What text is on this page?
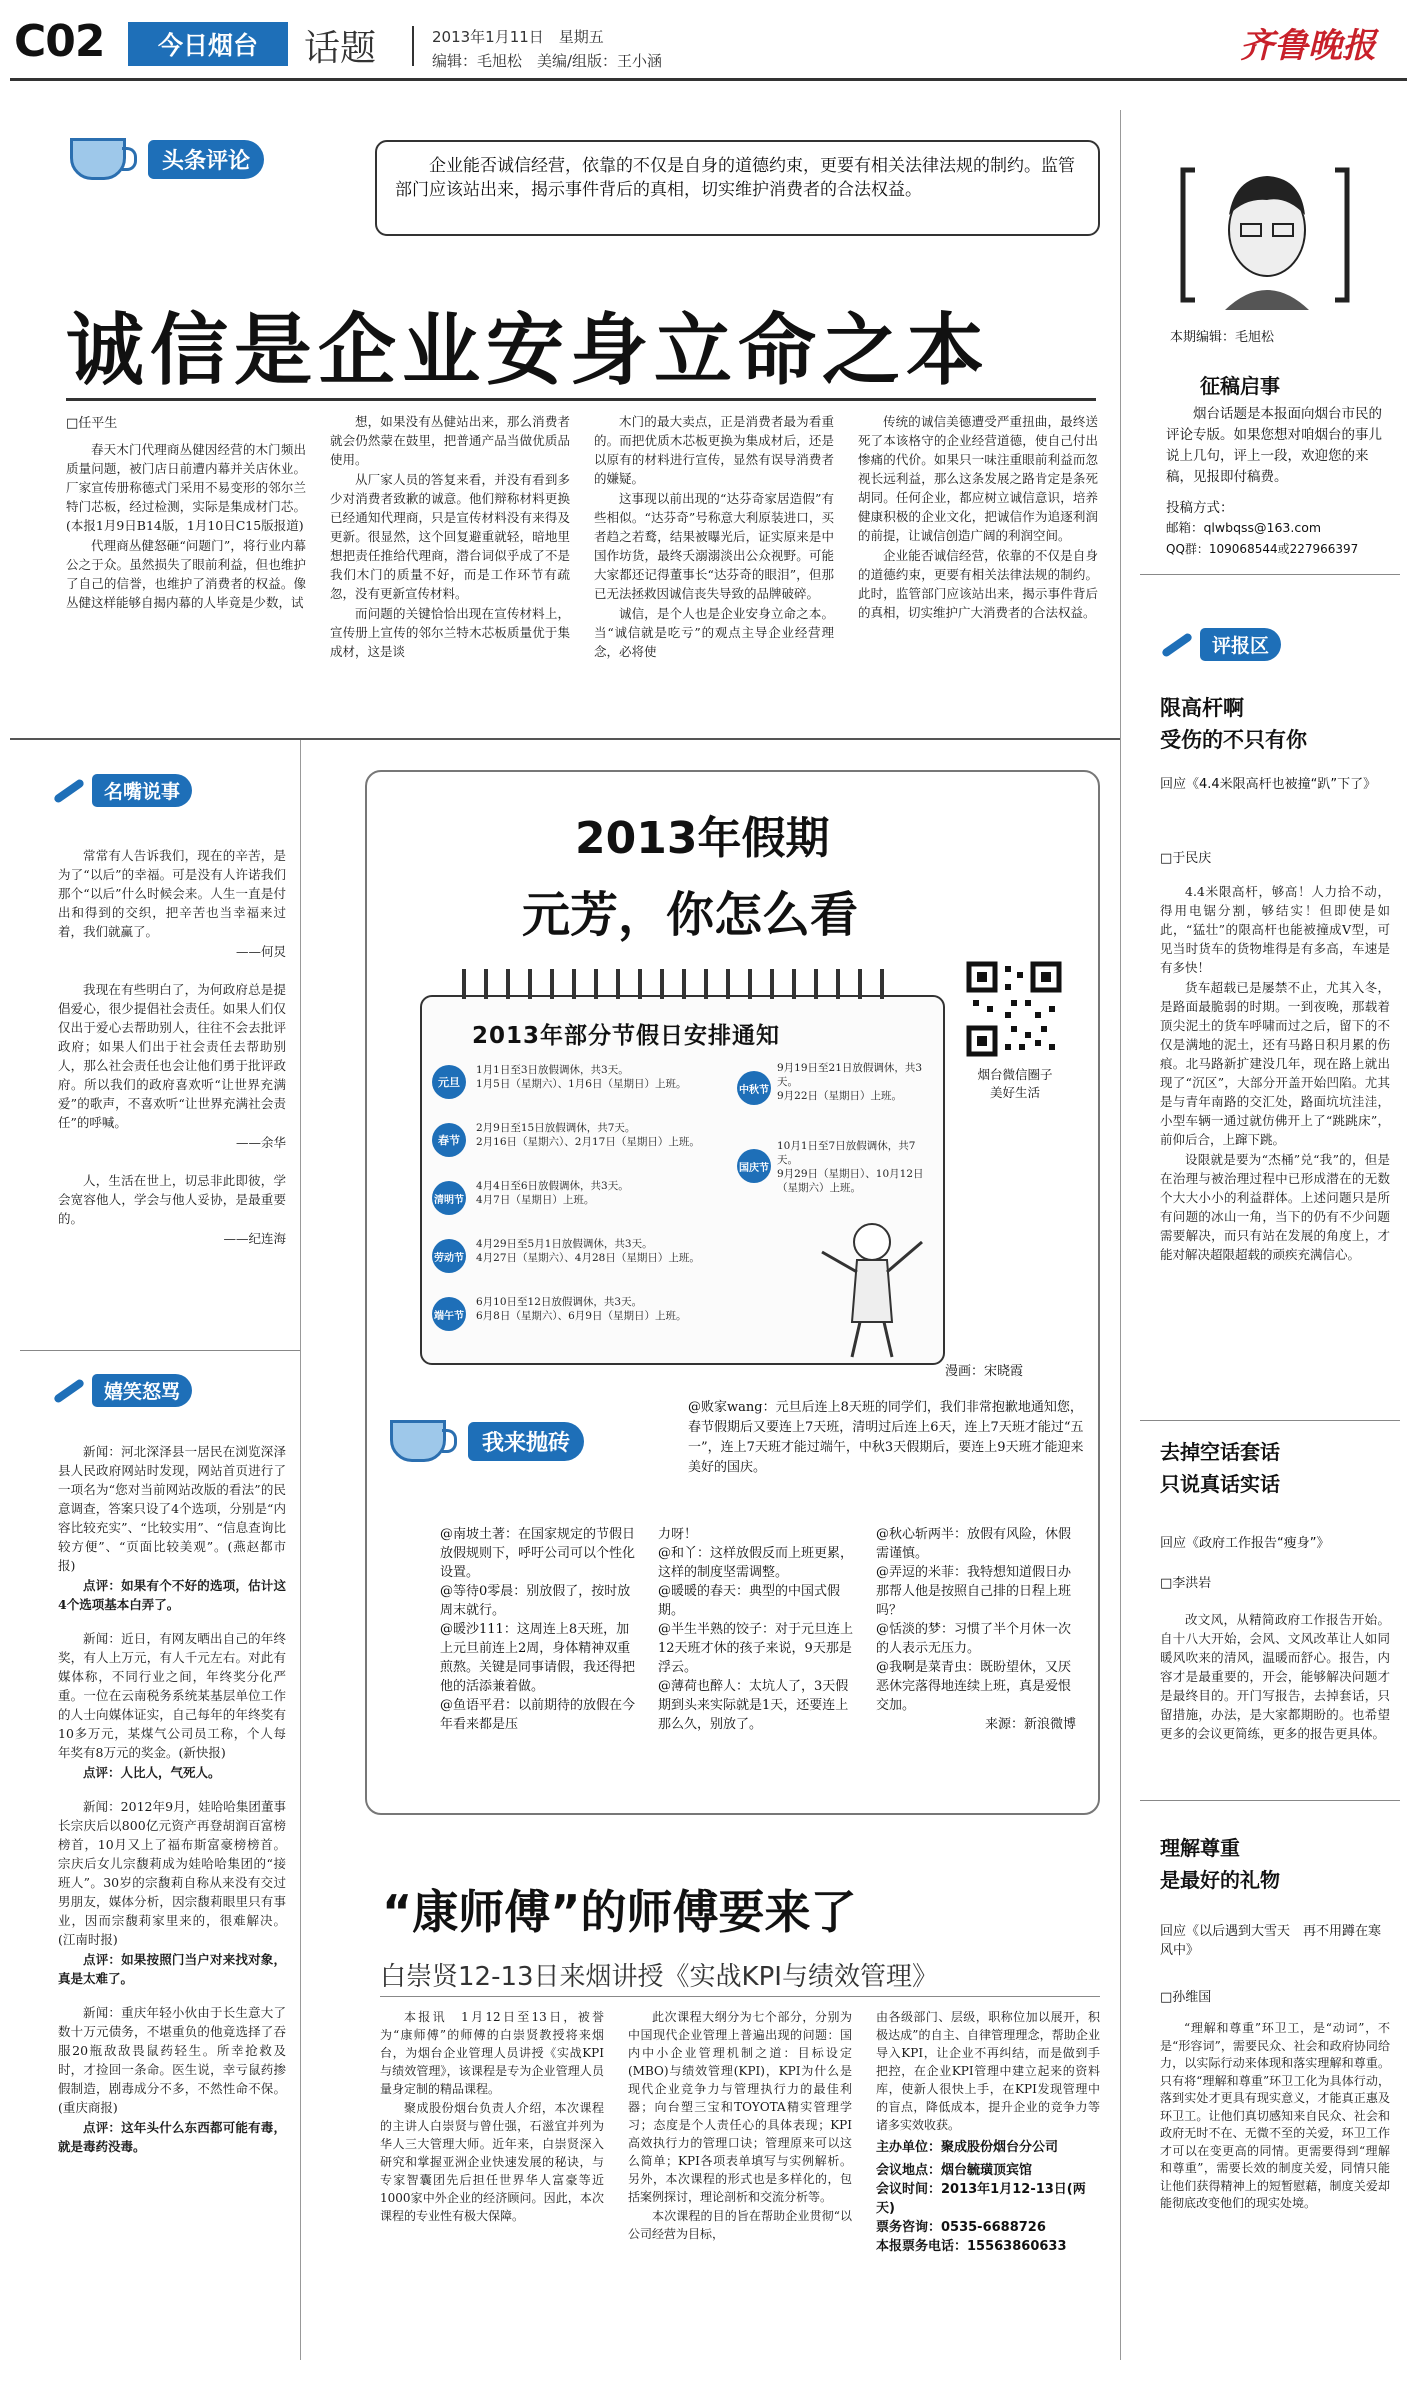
C02	今日烟台	话题	2013年1月11日　星期五
编辑：毛旭松　美编/组版：王小涵	齐鲁晚报
头条评论	企业能否诚信经营，依靠的不仅是自身的道德约束，更要有相关法律法规的制约。监管部门应该站出来，揭示事件背后的真相，切实维护消费者的合法权益。
诚信是企业安身立命之本
□任平生

春天木门代理商丛健因经营的木门频出质量问题，被门店日前遭内幕并关店休业。厂家宣传册称德式门采用不易变形的邻尔兰特门芯板，经过检测，实际是集成材门芯。(本报1月9日B14版，1月10日C15版报道)

代理商丛健怒砸“问题门”，将行业内幕公之于众。虽然损失了眼前利益，但也维护了自己的信誉，也维护了消费者的权益。像丛健这样能够自揭内幕的人毕竟是少数，试

想，如果没有丛健站出来，那么消费者就会仍然蒙在鼓里，把普通产品当做优质品使用。

从厂家人员的答复来看，并没有看到多少对消费者致歉的诚意。他们辩称材料更换已经通知代理商，只是宣传材料没有来得及更新。很显然，这个回复避重就轻，暗地里想把责任推给代理商，潜台词似乎成了不是我们木门的质量不好，而是工作环节有疏忽，没有更新宣传材料。

而问题的关键恰恰出现在宣传材料上，宣传册上宣传的邻尔兰特木芯板质量优于集成材，这是谈

木门的最大卖点，正是消费者最为看重的。而把优质木芯板更换为集成材后，还是以原有的材料进行宣传，显然有误导消费者的嫌疑。

这事现以前出现的“达芬奇家居造假”有些相似。“达芬奇”号称意大利原装进口，买者趋之若鹜，结果被曝光后，证实原来是中国作坊货，最终夭溺溺淡出公众视野。可能大家都还记得董事长“达芬奇的眼泪”，但那已无法拯救因诚信丧失导致的品牌破碎。

诚信，是个人也是企业安身立命之本。当“诚信就是吃亏”的观点主导企业经营理念，必将使

传统的诚信美德遭受严重扭曲，最终送死了本该格守的企业经营道德，使自己付出惨痛的代价。如果只一味注重眼前利益而忽视长远利益，那么这条发展之路肯定是条死胡同。任何企业，都应树立诚信意识，培养健康积极的企业文化，把诚信作为追逐利润的前提，让诚信创造广阔的利润空间。

企业能否诚信经营，依靠的不仅是自身的道德约束，更要有相关法律法规的制约。此时，监管部门应该站出来，揭示事件背后的真相，切实维护广大消费者的合法权益。

本期编辑：毛旭松
征稿启事
烟台话题是本报面向烟台市民的评论专版。如果您想对咱烟台的事儿说上几句，评上一段，欢迎您的来稿，见报即付稿费。
投稿方式：
邮箱：qlwbqss@163.com
QQ群：109068544或227966397
评报区
限高杆啊
受伤的不只有你
回应《4.4米限高杆也被撞“趴”下了》
□于民庆

4.4米限高杆，够高！人力拾不动，得用电锯分割，够结实！但即使是如此，“猛壮”的限高杆也能被撞成V型，可见当时货车的货物堆得是有多高，车速是有多快！

货车超载已是屡禁不止，尤其入冬，是路面最脆弱的时期。一到夜晚，那载着顶尖泥土的货车呼啸而过之后，留下的不仅是满地的泥土，还有马路日积月累的伤痕。北马路新扩建没几年，现在路上就出现了“沉区”，大部分开盖开始凹陷。尤其是与青年南路的交汇处，路面坑坑洼洼，小型车辆一通过就仿佛开上了“跳跳床”，前仰后合，上蹿下跳。

设限就是要为“杰桶”兑“我”的，但是在治理与被治理过程中已形成潜在的无数个大大小小的利益群体。上述问题只是所有问题的冰山一角，当下的仍有不少问题需要解决，而只有站在发展的角度上，才能对解决超限超载的顽疾充满信心。

去掉空话套话
只说真话实话
回应《政府工作报告“瘦身”》
□李洪岩

改文风，从精简政府工作报告开始。自十八大开始，会风、文风改革让人如同暖风吹来的清风，温暖而舒心。报告，内容才是最重要的，开会，能够解决问题才是最终目的。开门写报告，去掉套话，只留措施，办法，是大家都期盼的。也希望更多的会议更简练，更多的报告更具体。

理解尊重
是最好的礼物
回应《以后遇到大雪天　再不用蹲在寒风中》
□孙维国

“理解和尊重”环卫工，是“动词”，不是“形容词”，需要民众、社会和政府协同给力，以实际行动来体现和落实理解和尊重。只有将“理解和尊重”环卫工化为具体行动，落到实处才更具有现实意义，才能真正惠及环卫工。让他们真切感知来自民众、社会和政府无时不在、无微不至的关爱，环卫工作才可以在变更高的同情。更需要得到“理解和尊重”，需要长效的制度关爱，同情只能让他们获得精神上的短暂慰藉，制度关爱却能彻底改变他们的现实处境。

名嘴说事

常常有人告诉我们，现在的辛苦，是为了“以后”的幸福。可是没有人许诺我们那个“以后”什么时候会来。人生一直是付出和得到的交织，把辛苦也当幸福来过着，我们就赢了。

——何炅

我现在有些明白了，为何政府总是提倡爱心，很少提倡社会责任。如果人们仅仅出于爱心去帮助别人，往往不会去批评政府；如果人们出于社会责任去帮助别人，那么社会责任也会让他们勇于批评政府。所以我们的政府喜欢听“让世界充满爱”的歌声，不喜欢听“让世界充满社会责任”的呼喊。

——余华

人，生活在世上，切忌非此即彼，学会宽容他人，学会与他人妥协，是最重要的。

——纪连海

嬉笑怒骂

新闻：河北深泽县一居民在浏览深泽县人民政府网站时发现，网站首页进行了一项名为“您对当前网站改版的看法”的民意调查，答案只设了4个选项，分别是“内容比较充实”、“比较实用”、“信息查询比较方便”、“页面比较美观”。(燕赵都市报)

点评：如果有个不好的选项，估计这4个选项基本白弄了。

新闻：近日，有网友晒出自己的年终奖，有人上万元，有人千元左右。对此有媒体称，不同行业之间，年终奖分化严重。一位在云南税务系统某基层单位工作的人士向媒体证实，自己每年的年终奖有10多万元，某煤气公司员工称，个人每年奖有8万元的奖金。(新快报)

点评：人比人，气死人。

新闻：2012年9月，娃哈哈集团董事长宗庆后以800亿元资产再登胡润百富榜榜首，10月又上了福布斯富豪榜榜首。宗庆后女儿宗馥莉成为娃哈哈集团的“接班人”。30岁的宗馥莉自称从来没有交过男朋友，媒体分析，因宗馥莉眼里只有事业，因而宗馥莉家里来的，很难解决。(江南时报)

点评：如果按照门当户对来找对象，真是太难了。

新闻：重庆年轻小伙由于长生意大了数十万元债务，不堪重负的他竟选择了吞服20瓶敌敌畏鼠药轻生。所幸抢救及时，才捡回一条命。医生说，幸亏鼠药掺假制造，剧毒成分不多，不然性命不保。(重庆商报)

点评：这年头什么东西都可能有毒，就是毒药没毒。

2013年假期
元芳，你怎么看
2013年部分节假日安排通知
元旦
1月1日至3日放假调休，共3天。
1月5日（星期六）、1月6日（星期日）上班。
春节
2月9日至15日放假调休，共7天。
2月16日（星期六）、2月17日（星期日）上班。
清明节
4月4日至6日放假调休，共3天。
4月7日（星期日）上班。
劳动节
4月29日至5月1日放假调休，共3天。
4月27日（星期六）、4月28日（星期日）上班。
端午节
6月10日至12日放假调休，共3天。
6月8日（星期六）、6月9日（星期日）上班。
中秋节
9月19日至21日放假调休，共3天。
9月22日（星期日）上班。
国庆节
10月1日至7日放假调休，共7天。
9月29日（星期日）、10月12日（星期六）上班。
烟台微信圈子
美好生活
漫画：宋晓霞
我来抛砖
@败家wang：元旦后连上8天班的同学们，我们非常抱歉地通知您，春节假期后又要连上7天班，清明过后连上6天，连上7天班才能过“五一”，连上7天班才能过端午，中秋3天假期后，要连上9天班才能迎来美好的国庆。
@南坡土著：在国家规定的节假日放假规则下，呼吁公司可以个性化设置。
@等待0零晨：别放假了，按时放周末就行。
@暖沙111：这周连上8天班，加上元旦前连上2周，身体精神双重煎熬。关键是同事请假，我还得把他的活添兼着做。
@鱼语平君：以前期待的放假在今年看来都是压
力呀！
@和丫：这样放假反而上班更累，这样的制度坚需调整。
@暖暖的春天：典型的中国式假期。
@半生半熟的饺子：对于元旦连上12天班才休的孩子来说，9天那是浮云。
@薄荷也醉人：太坑人了，3天假期到头来实际就是1天，还要连上那么久，别放了。
@秋心斩两半：放假有风险，休假需谨慎。
@弄逗的米菲：我特想知道假日办那帮人他是按照自己排的日程上班吗？
@恬淡的梦：习惯了半个月休一次的人表示无压力。
@我啊是菜青虫：既盼望休，又厌恶休完落得地连续上班，真是爱恨交加。
来源：新浪微博
“康师傅”的师傅要来了
白崇贤12-13日来烟讲授《实战KPI与绩效管理》

本报讯　1月12日至13日，被誉为“康师傅”的师傅的白崇贤教授将来烟台，为烟台企业管理人员讲授《实战KPI与绩效管理》，该课程是专为企业管理人员量身定制的精品课程。

聚成股份烟台负责人介绍，本次课程的主讲人白崇贤与曾仕强，石滋宜并列为华人三大管理大师。近年来，白崇贤深入研究和掌握亚洲企业快速发展的秘诀，与专家智囊团先后担任世界华人富豪等近1000家中外企业的经济顾问。因此，本次课程的专业性有极大保障。

此次课程大纲分为七个部分，分别为中国现代企业管理上普遍出现的问题：国内中小企业管理机制之道：目标设定(MBO)与绩效管理(KPI)，KPI为什么是现代企业竞争力与管理执行力的最佳利器；向台塑三宝和TOYOTA精实管理学习；态度是个人责任心的具体表现；KPI高效执行力的管理口诀；管理原来可以这么简单；KPI各项表单填写与实例解析。另外，本次课程的形式也是多样化的，包括案例探讨，理论剖析和交流分析等。

本次课程的目的旨在帮助企业贯彻“以公司经营为目标，

由各级部门、层级，职称位加以展开，积极达成”的自主、自律管理理念，帮助企业导入KPI，让企业不再纠结，而是做到手把控，在企业KPI管理中建立起来的资料库，使新人很快上手，在KPI发现管理中的盲点，降低成本，提升企业的竞争力等诸多实效收获。

主办单位：聚成股份烟台分公司
会议地点：烟台毓璜顶宾馆
会议时间：2013年1月12-13日(两天)
票务咨询：0535-6688726
本报票务电话：15563860633
